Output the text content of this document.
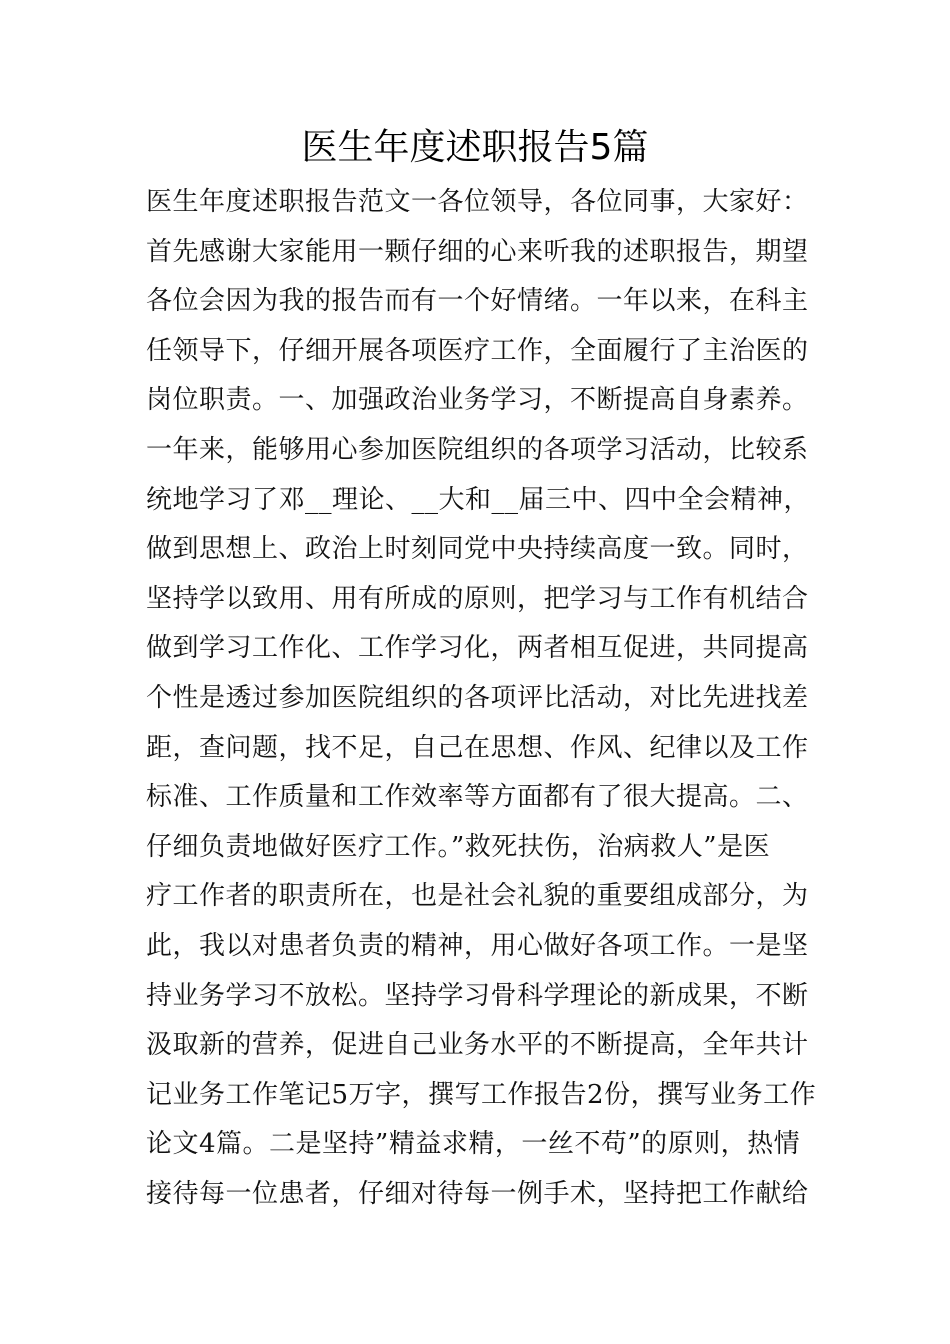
医生年度述职报告5篇
医生年度述职报告范文一各位领导，各位同事，大家好：
首先感谢大家能用一颗仔细的心来听我的述职报告，期望
各位会因为我的报告而有一个好情绪。一年以来，在科主
任领导下，仔细开展各项医疗工作，全面履行了主治医的
岗位职责。一、加强政治业务学习，不断提高自身素养。
一年来，能够用心参加医院组织的各项学习活动，比较系
统地学习了邓__理论、__大和__届三中、四中全会精神，
做到思想上、政治上时刻同党中央持续高度一致。同时，
坚持学以致用、用有所成的原则，把学习与工作有机结合
做到学习工作化、工作学习化，两者相互促进，共同提高
个性是透过参加医院组织的各项评比活动，对比先进找差
距，查问题，找不足，自己在思想、作风、纪律以及工作
标准、工作质量和工作效率等方面都有了很大提高。二、
仔细负责地做好医疗工作。”救死扶伤，治病救人”是医
疗工作者的职责所在，也是社会礼貌的重要组成部分，为
此，我以对患者负责的精神，用心做好各项工作。一是坚
持业务学习不放松。坚持学习骨科学理论的新成果，不断
汲取新的营养，促进自己业务水平的不断提高，全年共计
记业务工作笔记5万字，撰写工作报告2份，撰写业务工作
论文4篇。二是坚持”精益求精，一丝不苟”的原则，热情
接待每一位患者，仔细对待每一例手术，坚持把工作献给
